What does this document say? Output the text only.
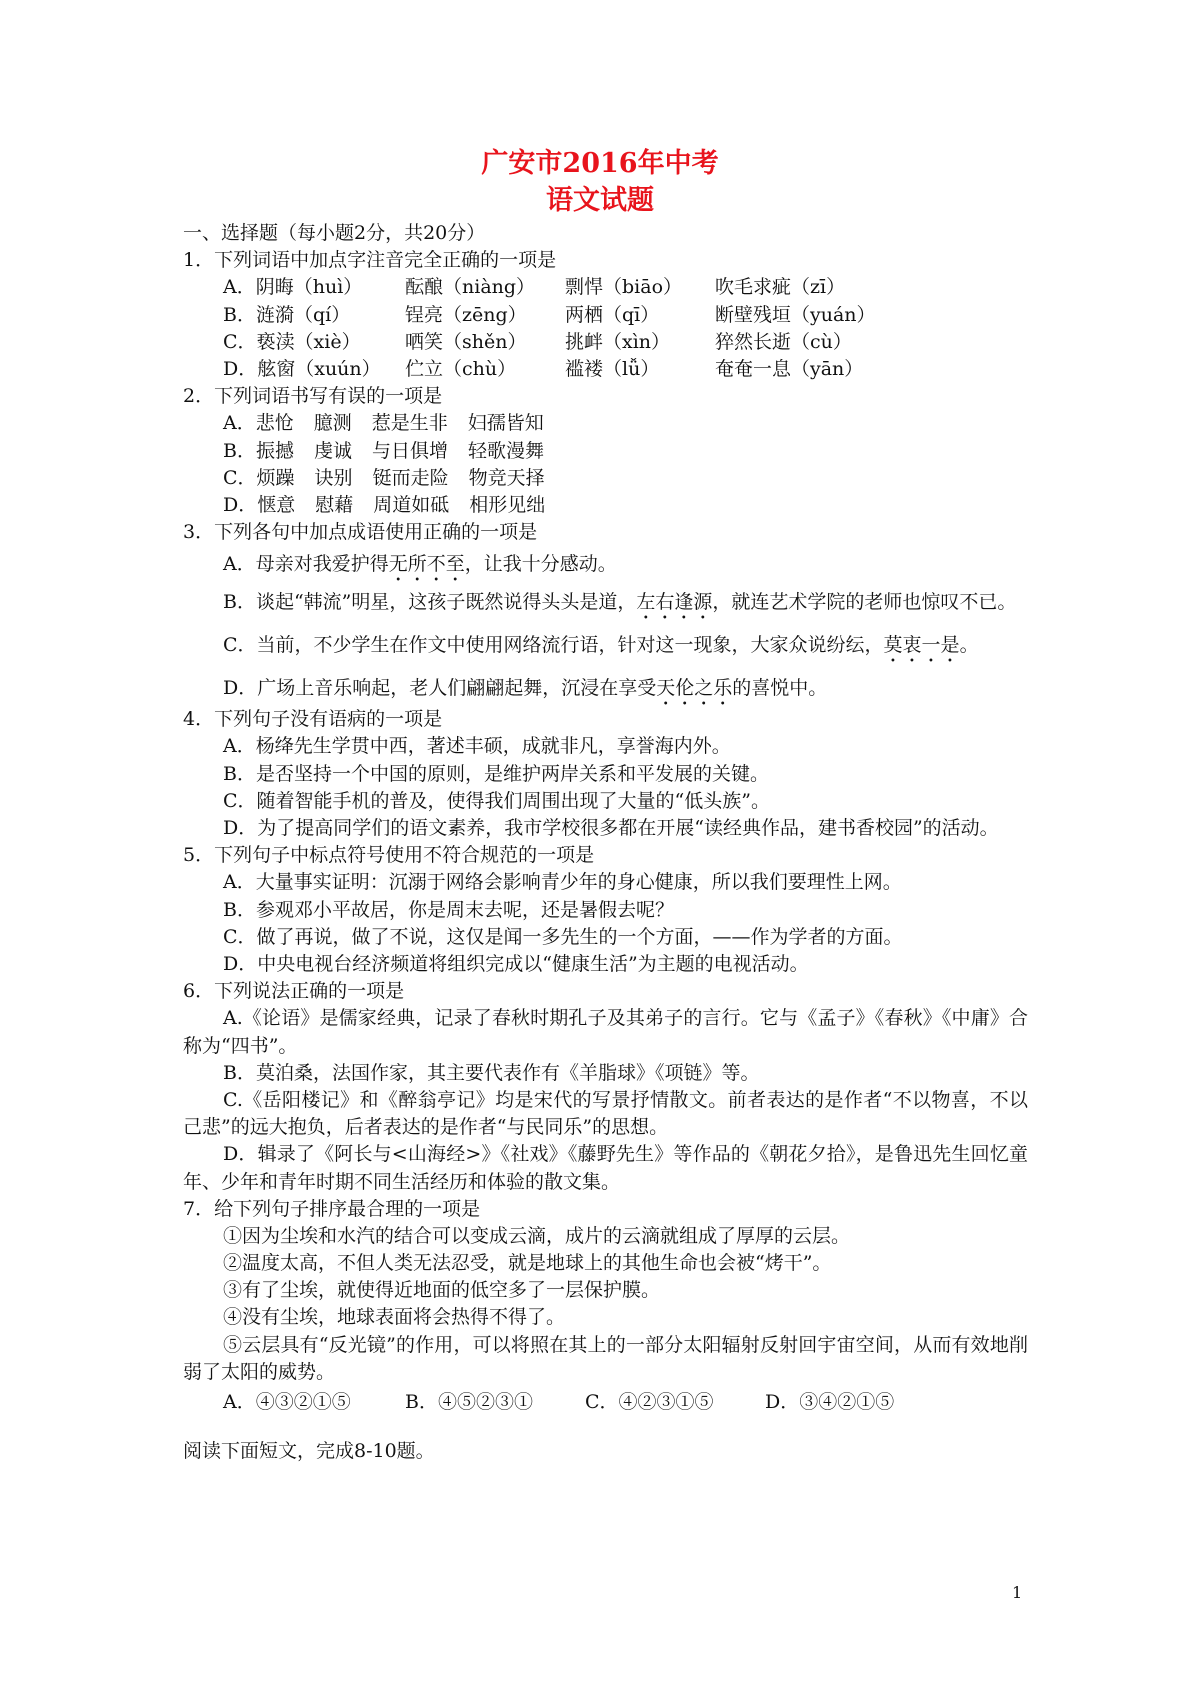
广安市2016年中考
语文试题
一、选择题（每小题2分，共20分）
1．下列词语中加点字注音完全正确的一项是
A．阴晦（huì）	酝酿（niàng）	剽悍（biāo）	吹毛求疵（zī）
B．涟漪（qí）	锃亮（zēng）	两栖（qī）	断壁残垣（yuán）
C．亵渎（xiè）	哂笑（shěn）	挑衅（xìn）	猝然长逝（cù）
D．舷窗（xuún）	伫立（chù）	褴褛（lǚ）	奄奄一息（yān）
2．下列词语书写有误的一项是
A．悲怆 臆测 惹是生非 妇孺皆知
B．振撼 虔诚 与日俱增 轻歌漫舞
C．烦躁 诀别 铤而走险 物竞天择
D．惬意 慰藉 周道如砥 相形见绌
3．下列各句中加点成语使用正确的一项是
A．母亲对我爱护得无所不至，让我十分感动。
B．谈起“韩流”明星，这孩子既然说得头头是道，左右逢源，就连艺术学院的老师也惊叹不已。
C．当前，不少学生在作文中使用网络流行语，针对这一现象，大家众说纷纭，莫衷一是。
D．广场上音乐响起，老人们翩翩起舞，沉浸在享受天伦之乐的喜悦中。
4．下列句子没有语病的一项是
A．杨绛先生学贯中西，著述丰硕，成就非凡，享誉海内外。
B．是否坚持一个中国的原则，是维护两岸关系和平发展的关键。
C．随着智能手机的普及，使得我们周围出现了大量的“低头族”。
D．为了提高同学们的语文素养，我市学校很多都在开展“读经典作品，建书香校园”的活动。
5．下列句子中标点符号使用不符合规范的一项是
A．大量事实证明：沉溺于网络会影响青少年的身心健康，所以我们要理性上网。
B．参观邓小平故居，你是周末去呢，还是暑假去呢？
C．做了再说，做了不说，这仅是闻一多先生的一个方面，——作为学者的方面。
D．中央电视台经济频道将组织完成以“健康生活”为主题的电视活动。
6．下列说法正确的一项是
A.《论语》是儒家经典，记录了春秋时期孔子及其弟子的言行。它与《孟子》《春秋》《中庸》合称为“四书”。
B．莫泊桑，法国作家，其主要代表作有《羊脂球》《项链》等。
C.《岳阳楼记》和《醉翁亭记》均是宋代的写景抒情散文。前者表达的是作者“不以物喜，不以己悲”的远大抱负，后者表达的是作者“与民同乐”的思想。
D．辑录了《阿长与<山海经>》《社戏》《藤野先生》等作品的《朝花夕拾》，是鲁迅先生回忆童年、少年和青年时期不同生活经历和体验的散文集。
7．给下列句子排序最合理的一项是
①因为尘埃和水汽的结合可以变成云滴，成片的云滴就组成了厚厚的云层。
②温度太高，不但人类无法忍受，就是地球上的其他生命也会被“烤干”。
③有了尘埃，就使得近地面的低空多了一层保护膜。
④没有尘埃，地球表面将会热得不得了。
⑤云层具有“反光镜”的作用，可以将照在其上的一部分太阳辐射反射回宇宙空间，从而有效地削弱了太阳的威势。
A．④③②①⑤	B．④⑤②③①	C．④②③①⑤	D．③④②①⑤
阅读下面短文，完成8-10题。
1
